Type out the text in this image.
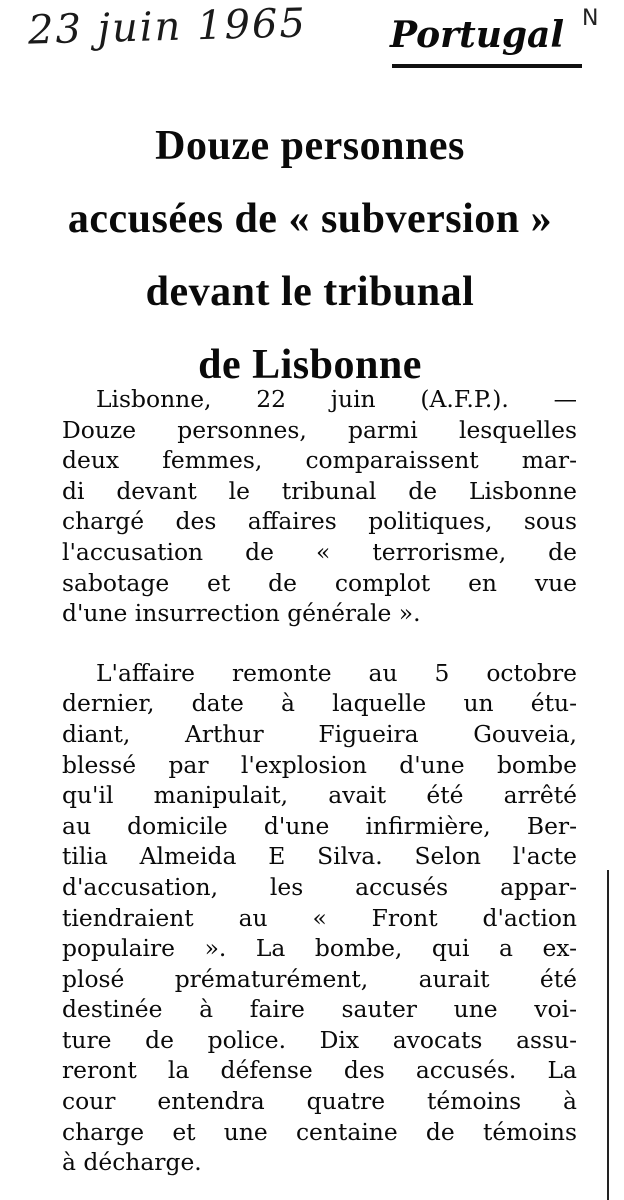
23 juin 1965 Portugal N
Douze personnes
accusées de « subversion »
devant le tribunal
de Lisbonne
Lisbonne, 22 juin (A.F.P.). —
Douze personnes, parmi lesquelles
deux femmes, comparaissent mar-
di devant le tribunal de Lisbonne
chargé des affaires politiques, sous
l'accusation de « terrorisme, de
sabotage et de complot en vue
d'une insurrection générale ».
L'affaire remonte au 5 octobre
dernier, date à laquelle un étu-
diant, Arthur Figueira Gouveia,
blessé par l'explosion d'une bombe
qu'il manipulait, avait été arrêté
au domicile d'une infirmière, Ber-
tilia Almeida E Silva. Selon l'acte
d'accusation, les accusés appar-
tiendraient au « Front d'action
populaire ». La bombe, qui a ex-
plosé prématurément, aurait été
destinée à faire sauter une voi-
ture de police. Dix avocats assu-
reront la défense des accusés. La
cour entendra quatre témoins à
charge et une centaine de témoins
à décharge.
